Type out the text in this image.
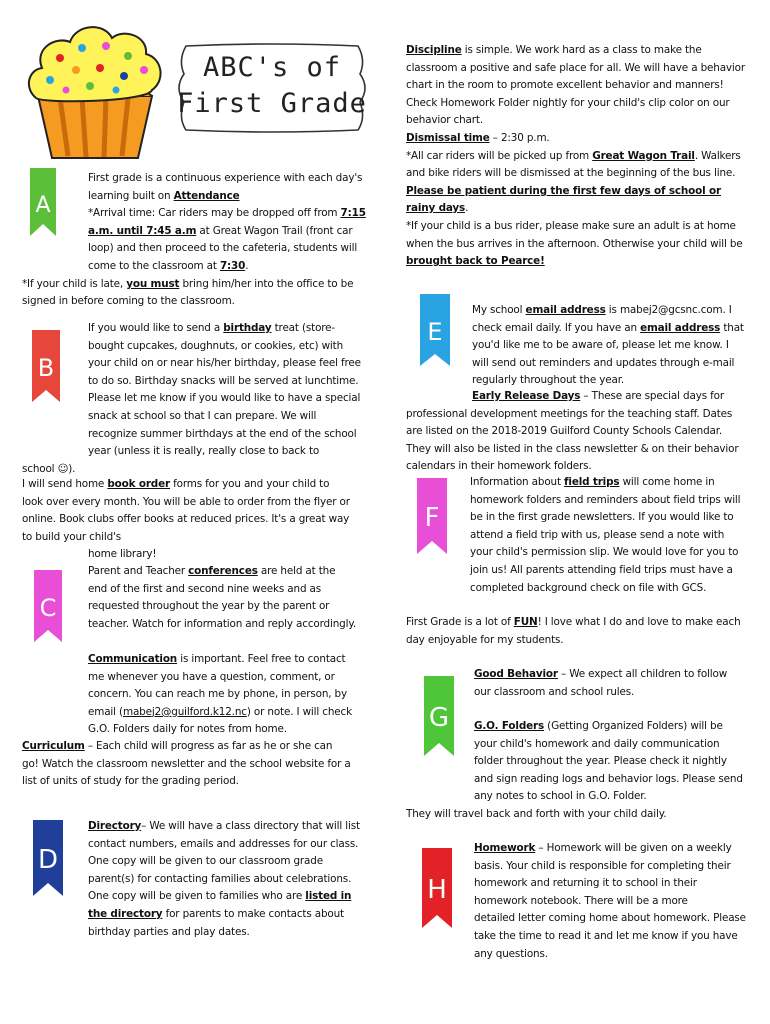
ABC's of
First Grade
A
B
C
D
E
F
G
H

First grade is a continuous experience with each day's learning built on Attendance

*Arrival time: Car riders may be dropped off from 7:15 a.m. until 7:45 a.m at Great Wagon Trail (front car loop) and then proceed to the cafeteria, students will come to the classroom at 7:30.

*If your child is late, you must bring him/her into the office to be signed in before coming to the classroom.

If you would like to send a birthday treat (store-bought cupcakes, doughnuts, or cookies, etc) with your child on or near his/her birthday, please feel free to do so. Birthday snacks will be served at lunchtime. Please let me know if you would like to have a special snack at school so that I can prepare. We will recognize summer birthdays at the end of the school year (unless it is really, really close to back to

school ☺).

I will send home book order forms for you and your child to look over every month. You will be able to order from the flyer or online. Book clubs offer books at reduced prices. It's a great way to build your child's

home library!

Parent and Teacher conferences are held at the end of the first and second nine weeks and as requested throughout the year by the parent or teacher. Watch for information and reply accordingly.

Communication is important. Feel free to contact me whenever you have a question, comment, or concern. You can reach me by phone, in person, by email (mabej2@guilford.k12.nc) or note. I will check G.O. Folders daily for notes from home.

Curriculum – Each child will progress as far as he or she can go! Watch the classroom newsletter and the school website for a list of units of study for the grading period.

Directory– We will have a class directory that will list contact numbers, emails and addresses for our class. One copy will be given to our classroom grade parent(s) for contacting families about celebrations. One copy will be given to families who are listed in the directory for parents to make contacts about birthday parties and play dates.

Discipline is simple. We work hard as a class to make the classroom a positive and safe place for all. We will have a behavior chart in the room to promote excellent behavior and manners! Check Homework Folder nightly for your child's clip color on our behavior chart.

Dismissal time – 2:30 p.m.

*All car riders will be picked up from Great Wagon Trail. Walkers and bike riders will be dismissed at the beginning of the bus line. Please be patient during the first few days of school or rainy days.

*If your child is a bus rider, please make sure an adult is at home when the bus arrives in the afternoon. Otherwise your child will be brought back to Pearce!

My school email address is mabej2@gcsnc.com. I check email daily. If you have an email address that you'd like me to be aware of, please let me know. I will send out reminders and updates through e-mail regularly throughout the year.

Early Release Days – These are special days for professional development meetings for the teaching staff. Dates are listed on the 2018-2019 Guilford County Schools Calendar. They will also be listed in the class newsletter & on their behavior calendars in their homework folders.

Information about field trips will come home in homework folders and reminders about field trips will be in the first grade newsletters. If you would like to attend a field trip with us, please send a note with your child's permission slip. We would love for you to join us! All parents attending field trips must have a completed background check on file with GCS.

First Grade is a lot of FUN! I love what I do and love to make each day enjoyable for my students.

Good Behavior – We expect all children to follow our classroom and school rules.

G.O. Folders (Getting Organized Folders) will be your child's homework and daily communication folder throughout the year. Please check it nightly and sign reading logs and behavior logs. Please send any notes to school in G.O. Folder.

They will travel back and forth with your child daily.

Homework – Homework will be given on a weekly basis. Your child is responsible for completing their homework and returning it to school in their homework notebook. There will be a more

detailed letter coming home about homework. Please take the time to read it and let me know if you have any questions.
